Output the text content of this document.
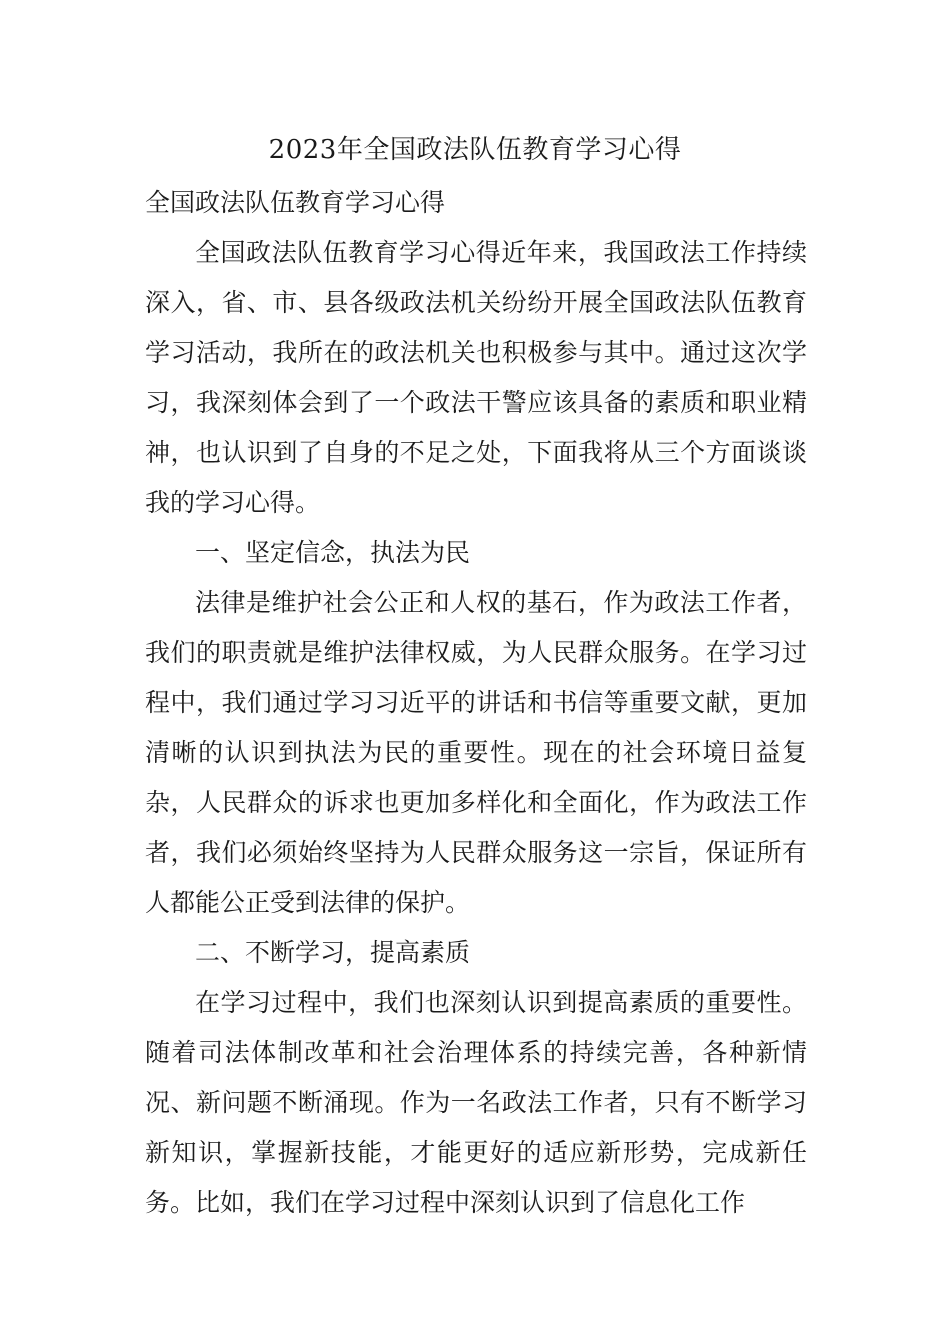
2023年全国政法队伍教育学习心得

全国政法队伍教育学习心得

全国政法队伍教育学习心得近年来，我国政法工作持续深入，省、市、县各级政法机关纷纷开展全国政法队伍教育学习活动，我所在的政法机关也积极参与其中。通过这次学习，我深刻体会到了一个政法干警应该具备的素质和职业精神，也认识到了自身的不足之处，下面我将从三个方面谈谈我的学习心得。

一、坚定信念，执法为民

法律是维护社会公正和人权的基石，作为政法工作者，我们的职责就是维护法律权威，为人民群众服务。在学习过程中，我们通过学习习近平的讲话和书信等重要文献，更加清晰的认识到执法为民的重要性。现在的社会环境日益复杂，人民群众的诉求也更加多样化和全面化，作为政法工作者，我们必须始终坚持为人民群众服务这一宗旨，保证所有人都能公正受到法律的保护。

二、不断学习，提高素质

在学习过程中，我们也深刻认识到提高素质的重要性。随着司法体制改革和社会治理体系的持续完善，各种新情况、新问题不断涌现。作为一名政法工作者，只有不断学习新知识，掌握新技能，才能更好的适应新形势，完成新任务。比如，我们在学习过程中深刻认识到了信息化工作
